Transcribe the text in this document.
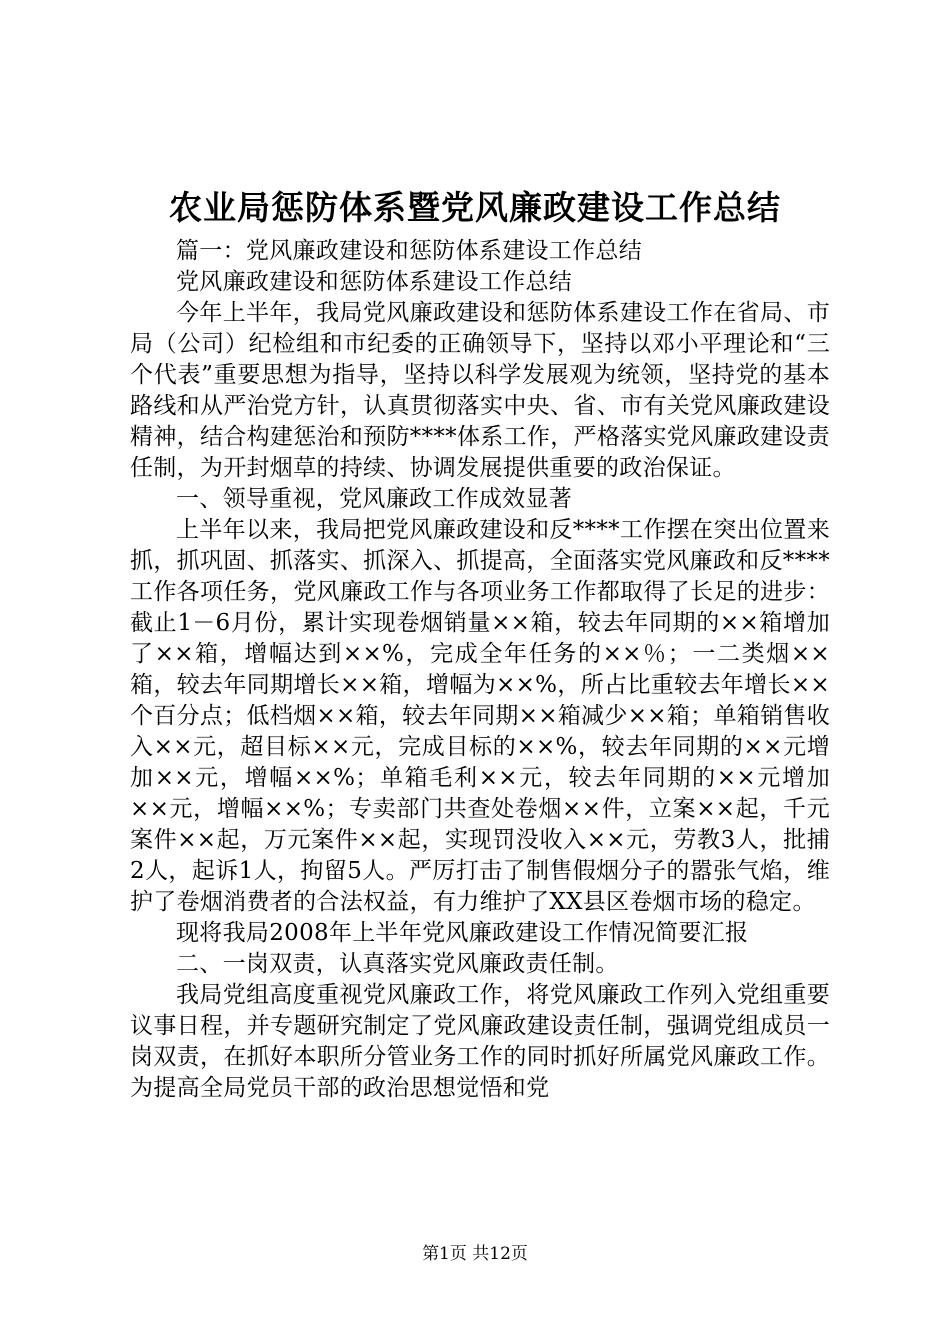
农业局惩防体系暨党风廉政建设工作总结

篇一：党风廉政建设和惩防体系建设工作总结

党风廉政建设和惩防体系建设工作总结

今年上半年，我局党风廉政建设和惩防体系建设工作在省局、市局（公司）纪检组和市纪委的正确领导下，坚持以邓小平理论和“三个代表”重要思想为指导，坚持以科学发展观为统领，坚持党的基本路线和从严治党方针，认真贯彻落实中央、省、市有关党风廉政建设精神，结合构建惩治和预防****体系工作，严格落实党风廉政建设责任制，为开封烟草的持续、协调发展提供重要的政治保证。

一、领导重视，党风廉政工作成效显著

上半年以来，我局把党风廉政建设和反****工作摆在突出位置来抓，抓巩固、抓落实、抓深入、抓提高，全面落实党风廉政和反****工作各项任务，党风廉政工作与各项业务工作都取得了长足的进步：截止1－6月份，累计实现卷烟销量××箱，较去年同期的××箱增加了××箱，增幅达到××%，完成全年任务的××％；一二类烟××箱，较去年同期增长××箱，增幅为××%，所占比重较去年增长××个百分点；低档烟××箱，较去年同期××箱减少××箱；单箱销售收入××元，超目标××元，完成目标的××%，较去年同期的××元增加××元，增幅××%；单箱毛利××元，较去年同期的××元增加××元，增幅××%；专卖部门共查处卷烟××件，立案××起，千元案件××起，万元案件××起，实现罚没收入××元，劳教3人，批捕2人，起诉1人，拘留5人。严厉打击了制售假烟分子的嚣张气焰，维护了卷烟消费者的合法权益，有力维护了XX县区卷烟市场的稳定。

现将我局2008年上半年党风廉政建设工作情况简要汇报

二、一岗双责，认真落实党风廉政责任制。

我局党组高度重视党风廉政工作，将党风廉政工作列入党组重要议事日程，并专题研究制定了党风廉政建设责任制，强调党组成员一岗双责，在抓好本职所分管业务工作的同时抓好所属党风廉政工作。为提高全局党员干部的政治思想觉悟和党

第1页 共12页
